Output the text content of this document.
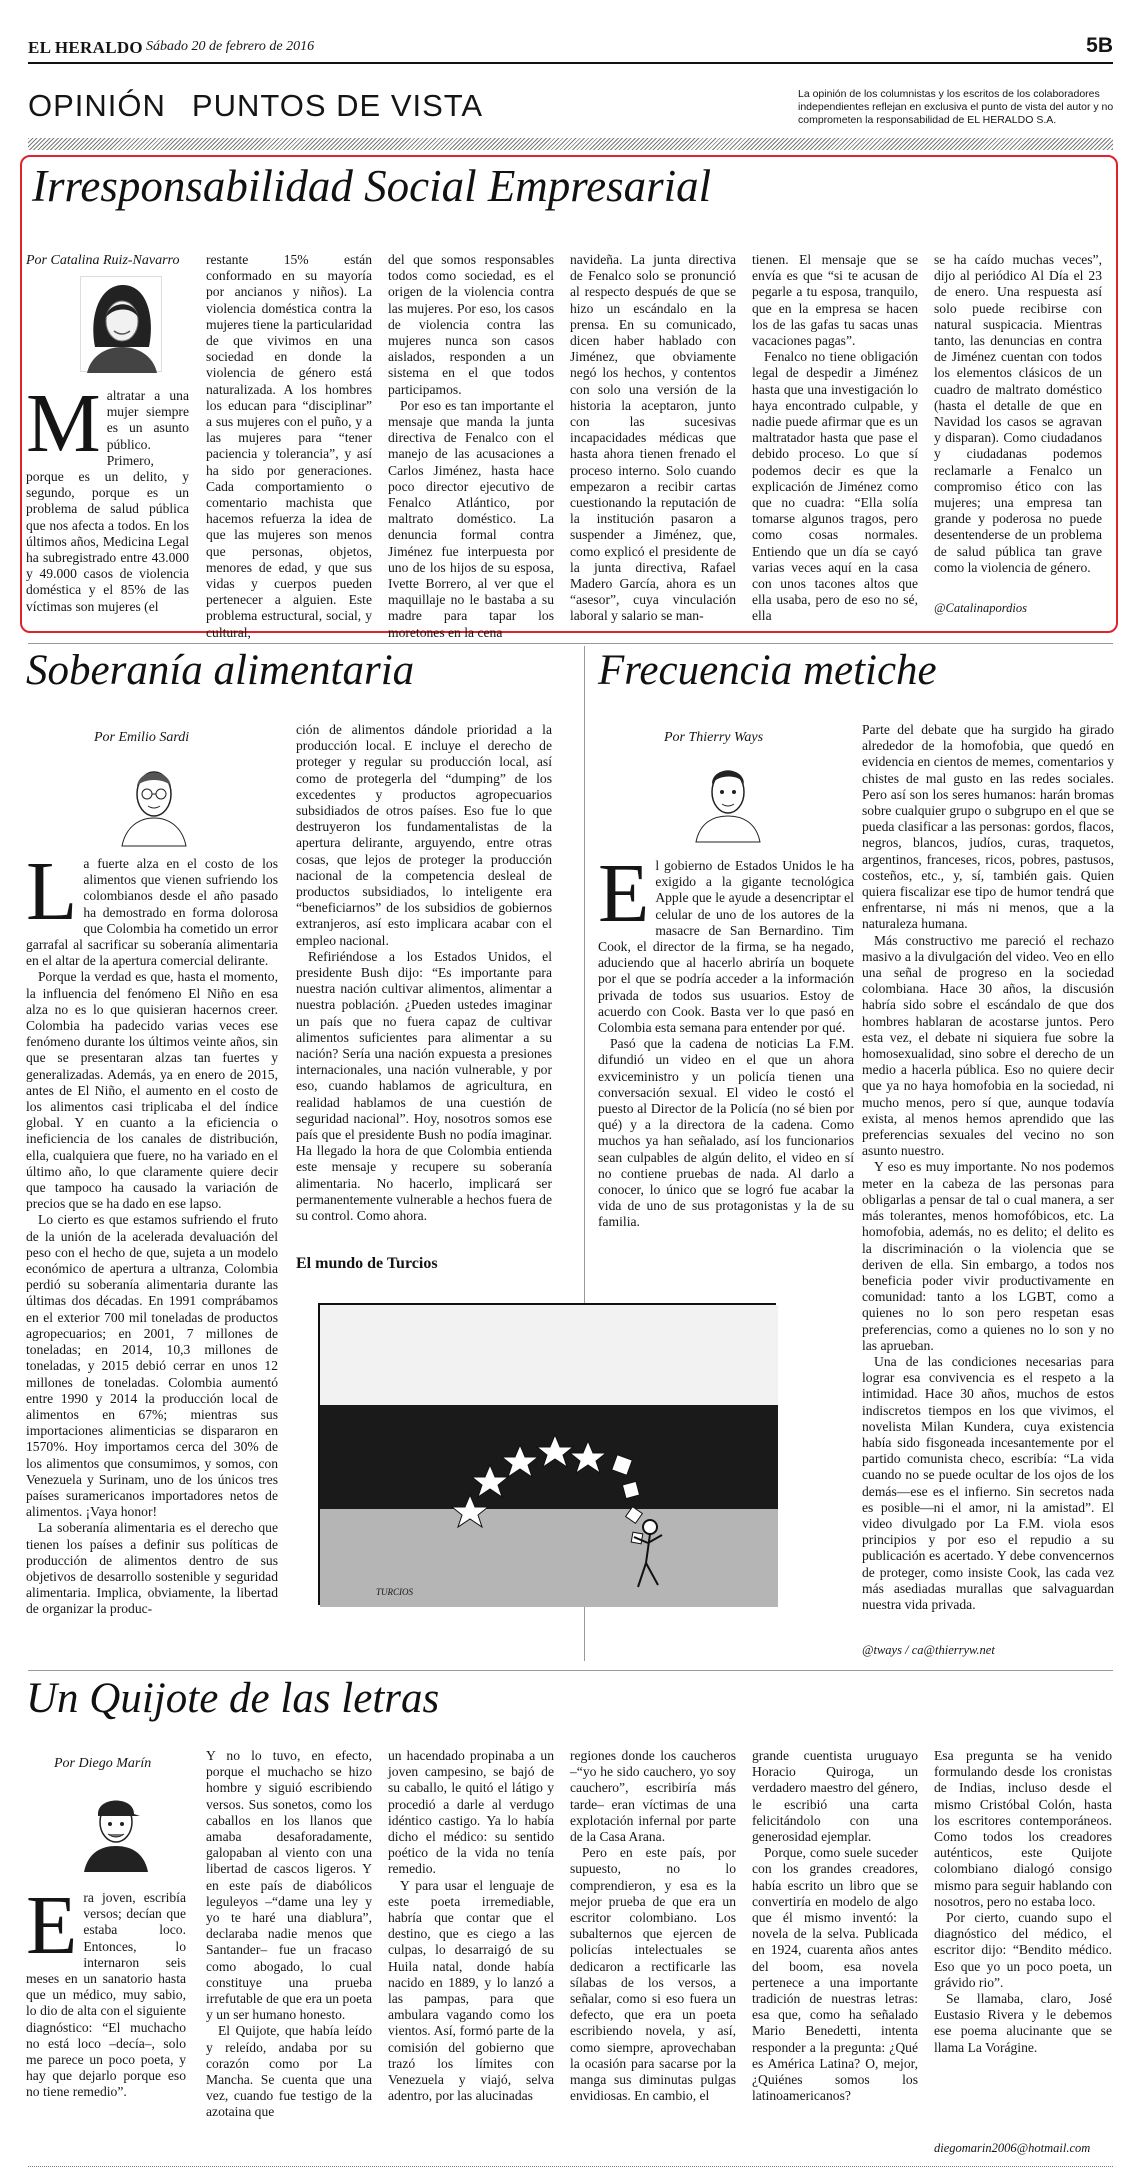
EL HERALDO Sábado 20 de febrero de 2016	5B
OPINIÓN PUNTOS DE VISTA	La opinión de los columnistas y los escritos de los colaboradores independientes reflejan en exclusiva el punto de vista del autor y no comprometen la responsabilidad de EL HERALDO S.A.
Irresponsabilidad Social Empresarial
Por Catalina Ruiz-Navarro

Maltratar a una mujer siempre es un asunto público. Primero, porque es un delito, y segundo, porque es un problema de salud pública que nos afecta a todos. En los últimos años, Medicina Legal ha subregistrado entre 43.000 y 49.000 casos de violencia doméstica y el 85% de las víctimas son mujeres (el

restante 15% están conformado en su mayoría por ancianos y niños). La violencia doméstica contra la mujeres tiene la particularidad de que vivimos en una sociedad en donde la violencia de género está naturalizada. A los hombres los educan para “disciplinar” a sus mujeres con el puño, y a las mujeres para “tener paciencia y tolerancia”, y así ha sido por generaciones. Cada comportamiento o comentario machista que hacemos refuerza la idea de que las mujeres son menos que personas, objetos, menores de edad, y que sus vidas y cuerpos pueden pertenecer a alguien. Este problema estructural, social, y cultural,

del que somos responsables todos como sociedad, es el origen de la violencia contra las mujeres. Por eso, los casos de violencia contra las mujeres nunca son casos aislados, responden a un sistema en el que todos participamos.

Por eso es tan importante el mensaje que manda la junta directiva de Fenalco con el manejo de las acusaciones a Carlos Jiménez, hasta hace poco director ejecutivo de Fenalco Atlántico, por maltrato doméstico. La denuncia formal contra Jiménez fue interpuesta por uno de los hijos de su esposa, Ivette Borrero, al ver que el maquillaje no le bastaba a su madre para tapar los moretones en la cena

navideña. La junta directiva de Fenalco solo se pronunció al respecto después de que se hizo un escándalo en la prensa. En su comunicado, dicen haber hablado con Jiménez, que obviamente negó los hechos, y contentos con solo una versión de la historia la aceptaron, junto con las sucesivas incapacidades médicas que hasta ahora tienen frenado el proceso interno. Solo cuando empezaron a recibir cartas cuestionando la reputación de la institución pasaron a suspender a Jiménez, que, como explicó el presidente de la junta directiva, Rafael Madero García, ahora es un “asesor”, cuya vinculación laboral y salario se man-

tienen. El mensaje que se envía es que “si te acusan de pegarle a tu esposa, tranquilo, que en la empresa se hacen los de las gafas tu sacas unas vacaciones pagas”.

Fenalco no tiene obligación legal de despedir a Jiménez hasta que una investigación lo haya encontrado culpable, y nadie puede afirmar que es un maltratador hasta que pase el debido proceso. Lo que sí podemos decir es que la explicación de Jiménez como que no cuadra: “Ella solía tomarse algunos tragos, pero como cosas normales. Entiendo que un día se cayó varias veces aquí en la casa con unos tacones altos que ella usaba, pero de eso no sé, ella

se ha caído muchas veces”, dijo al periódico Al Día el 23 de enero. Una respuesta así solo puede recibirse con natural suspicacia. Mientras tanto, las denuncias en contra de Jiménez cuentan con todos los elementos clásicos de un cuadro de maltrato doméstico (hasta el detalle de que en Navidad los casos se agravan y disparan). Como ciudadanos y ciudadanas podemos reclamarle a Fenalco un compromiso ético con las mujeres; una empresa tan grande y poderosa no puede desentenderse de un problema de salud pública tan grave como la violencia de género.

@Catalinapordios
Soberanía alimentaria
Por Emilio Sardi

La fuerte alza en el costo de los alimentos que vienen sufriendo los colombianos desde el año pasado ha demostrado en forma dolorosa que Colombia ha cometido un error garrafal al sacrificar su soberanía alimentaria en el altar de la apertura comercial delirante.

Porque la verdad es que, hasta el momento, la influencia del fenómeno El Niño en esa alza no es lo que quisieran hacernos creer. Colombia ha padecido varias veces ese fenómeno durante los últimos veinte años, sin que se presentaran alzas tan fuertes y generalizadas. Además, ya en enero de 2015, antes de El Niño, el aumento en el costo de los alimentos casi triplicaba el del índice global. Y en cuanto a la eficiencia o ineficiencia de los canales de distribución, ella, cualquiera que fuere, no ha variado en el último año, lo que claramente quiere decir que tampoco ha causado la variación de precios que se ha dado en ese lapso.

Lo cierto es que estamos sufriendo el fruto de la unión de la acelerada devaluación del peso con el hecho de que, sujeta a un modelo económico de apertura a ultranza, Colombia perdió su soberanía alimentaria durante las últimas dos décadas. En 1991 comprábamos en el exterior 700 mil toneladas de productos agropecuarios; en 2001, 7 millones de toneladas; en 2014, 10,3 millones de toneladas, y 2015 debió cerrar en unos 12 millones de toneladas. Colombia aumentó entre 1990 y 2014 la producción local de alimentos en 67%; mientras sus importaciones alimenticias se dispararon en 1570%. Hoy importamos cerca del 30% de los alimentos que consumimos, y somos, con Venezuela y Surinam, uno de los únicos tres países suramericanos importadores netos de alimentos. ¡Vaya honor!

La soberanía alimentaria es el derecho que tienen los países a definir sus políticas de producción de alimentos dentro de sus objetivos de desarrollo sostenible y seguridad alimentaria. Implica, obviamente, la libertad de organizar la produc-

ción de alimentos dándole prioridad a la producción local. E incluye el derecho de proteger y regular su producción local, así como de protegerla del “dumping” de los excedentes y productos agropecuarios subsidiados de otros países. Eso fue lo que destruyeron los fundamentalistas de la apertura delirante, arguyendo, entre otras cosas, que lejos de proteger la producción nacional de la competencia desleal de productos subsidiados, lo inteligente era “beneficiarnos” de los subsidios de gobiernos extranjeros, así esto implicara acabar con el empleo nacional.

Refiriéndose a los Estados Unidos, el presidente Bush dijo: “Es importante para nuestra nación cultivar alimentos, alimentar a nuestra población. ¿Pueden ustedes imaginar un país que no fuera capaz de cultivar alimentos suficientes para alimentar a su nación? Sería una nación expuesta a presiones internacionales, una nación vulnerable, y por eso, cuando hablamos de agricultura, en realidad hablamos de una cuestión de seguridad nacional”. Hoy, nosotros somos ese país que el presidente Bush no podía imaginar. Ha llegado la hora de que Colombia entienda este mensaje y recupere su soberanía alimentaria. No hacerlo, implicará ser permanentemente vulnerable a hechos fuera de su control. Como ahora.

Frecuencia metiche
Por Thierry Ways

El gobierno de Estados Unidos le ha exigido a la gigante tecnológica Apple que le ayude a desencriptar el celular de uno de los autores de la masacre de San Bernardino. Tim Cook, el director de la firma, se ha negado, aduciendo que al hacerlo abriría un boquete por el que se podría acceder a la información privada de todos sus usuarios. Estoy de acuerdo con Cook. Basta ver lo que pasó en Colombia esta semana para entender por qué.

Pasó que la cadena de noticias La F.M. difundió un video en el que un ahora exviceministro y un policía tienen una conversación sexual. El video le costó el puesto al Director de la Policía (no sé bien por qué) y a la directora de la cadena. Como muchos ya han señalado, así los funcionarios sean culpables de algún delito, el video en sí no contiene pruebas de nada. Al darlo a conocer, lo único que se logró fue acabar la vida de uno de sus protagonistas y la de su familia.

Parte del debate que ha surgido ha girado alrededor de la homofobia, que quedó en evidencia en cientos de memes, comentarios y chistes de mal gusto en las redes sociales. Pero así son los seres humanos: harán bromas sobre cualquier grupo o subgrupo en el que se pueda clasificar a las personas: gordos, flacos, negros, blancos, judíos, curas, traquetos, argentinos, franceses, ricos, pobres, pastusos, costeños, etc., y, sí, también gais. Quien quiera fiscalizar ese tipo de humor tendrá que enfrentarse, ni más ni menos, que a la naturaleza humana.

Más constructivo me pareció el rechazo masivo a la divulgación del video. Veo en ello una señal de progreso en la sociedad colombiana. Hace 30 años, la discusión habría sido sobre el escándalo de que dos hombres hablaran de acostarse juntos. Pero esta vez, el debate ni siquiera fue sobre la homosexualidad, sino sobre el derecho de un medio a hacerla pública. Eso no quiere decir que ya no haya homofobia en la sociedad, ni mucho menos, pero sí que, aunque todavía exista, al menos hemos aprendido que las preferencias sexuales del vecino no son asunto nuestro.

Y eso es muy importante. No nos podemos meter en la cabeza de las personas para obligarlas a pensar de tal o cual manera, a ser más tolerantes, menos homofóbicos, etc. La homofobia, además, no es delito; el delito es la discriminación o la violencia que se deriven de ella. Sin embargo, a todos nos beneficia poder vivir productivamente en comunidad: tanto a los LGBT, como a quienes no lo son pero respetan esas preferencias, como a quienes no lo son y no las aprueban.

Una de las condiciones necesarias para lograr esa convivencia es el respeto a la intimidad. Hace 30 años, muchos de estos indiscretos tiempos en los que vivimos, el novelista Milan Kundera, cuya existencia había sido fisgoneada incesantemente por el partido comunista checo, escribía: “La vida cuando no se puede ocultar de los ojos de los demás—ese es el infierno. Sin secretos nada es posible—ni el amor, ni la amistad”. El video divulgado por La F.M. viola esos principios y por eso el repudio a su publicación es acertado. Y debe convencernos de proteger, como insiste Cook, las cada vez más asediadas murallas que salvaguardan nuestra vida privada.

@tways / ca@thierryw.net
El mundo de Turcios
TURCIOS
Un Quijote de las letras
Por Diego Marín

Era joven, escribía versos; decían que estaba loco. Entonces, lo internaron seis meses en un sanatorio hasta que un médico, muy sabio, lo dio de alta con el siguiente diagnóstico: “El muchacho no está loco –decía–, solo me parece un poco poeta, y hay que dejarlo porque eso no tiene remedio”.

Y no lo tuvo, en efecto, porque el muchacho se hizo hombre y siguió escribiendo versos. Sus sonetos, como los caballos en los llanos que amaba desaforadamente, galopaban al viento con una libertad de cascos ligeros. Y en este país de diabólicos leguleyos –“dame una ley y yo te haré una diablura”, declaraba nadie menos que Santander– fue un fracaso como abogado, lo cual constituye una prueba irrefutable de que era un poeta y un ser humano honesto.

El Quijote, que había leído y releído, andaba por su corazón como por La Mancha. Se cuenta que una vez, cuando fue testigo de la azotaina que

un hacendado propinaba a un joven campesino, se bajó de su caballo, le quitó el látigo y procedió a darle al verdugo idéntico castigo. Ya lo había dicho el médico: su sentido poético de la vida no tenía remedio.

Y para usar el lenguaje de este poeta irremediable, habría que contar que el destino, que es ciego a las culpas, lo desarraigó de su Huila natal, donde había nacido en 1889, y lo lanzó a las pampas, para que ambulara vagando como los vientos. Así, formó parte de la comisión del gobierno que trazó los límites con Venezuela y viajó, selva adentro, por las alucinadas

regiones donde los caucheros –“yo he sido cauchero, yo soy cauchero”, escribiría más tarde– eran víctimas de una explotación infernal por parte de la Casa Arana.

Pero en este país, por supuesto, no lo comprendieron, y esa es la mejor prueba de que era un escritor colombiano. Los subalternos que ejercen de policías intelectuales se dedicaron a rectificarle las sílabas de los versos, a señalar, como si eso fuera un defecto, que era un poeta escribiendo novela, y así, como siempre, aprovechaban la ocasión para sacarse por la manga sus diminutas pulgas envidiosas. En cambio, el

grande cuentista uruguayo Horacio Quiroga, un verdadero maestro del género, le escribió una carta felicitándolo con una generosidad ejemplar.

Porque, como suele suceder con los grandes creadores, había escrito un libro que se convertiría en modelo de algo que él mismo inventó: la novela de la selva. Publicada en 1924, cuarenta años antes del boom, esa novela pertenece a una importante tradición de nuestras letras: esa que, como ha señalado Mario Benedetti, intenta responder a la pregunta: ¿Qué es América Latina? O, mejor, ¿Quiénes somos los latinoamericanos?

Esa pregunta se ha venido formulando desde los cronistas de Indias, incluso desde el mismo Cristóbal Colón, hasta los escritores contemporáneos. Como todos los creadores auténticos, este Quijote colombiano dialogó consigo mismo para seguir hablando con nosotros, pero no estaba loco.

Por cierto, cuando supo el diagnóstico del médico, el escritor dijo: “Bendito médico. Eso que yo un poco poeta, un grávido rio”.

Se llamaba, claro, José Eustasio Rivera y le debemos ese poema alucinante que se llama La Vorágine.

diegomarin2006@hotmail.com
